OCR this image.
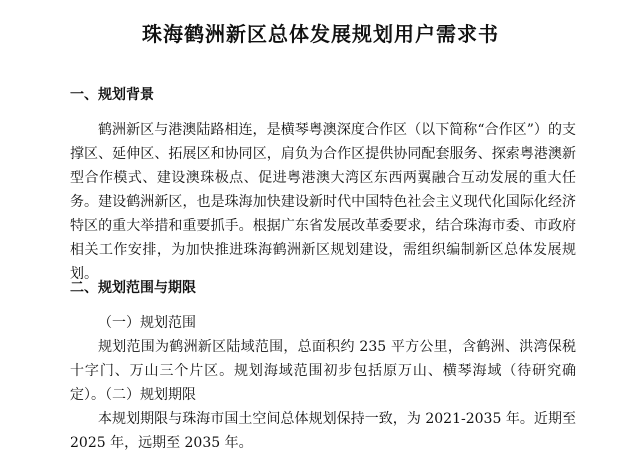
珠海鹤洲新区总体发展规划用户需求书
一、规划背景

鹤洲新区与港澳陆路相连，是横琴粤澳深度合作区（以下简称“合作区”）的支撑区、延伸区、拓展区和协同区，肩负为合作区提供协同配套服务、探索粤港澳新型合作模式、建设澳珠极点、促进粤港澳大湾区东西两翼融合互动发展的重大任务。建设鹤洲新区，也是珠海加快建设新时代中国特色社会主义现代化国际化经济特区的重大举措和重要抓手。根据广东省发展改革委要求，结合珠海市委、市政府相关工作安排，为加快推进珠海鹤洲新区规划建设，需组织编制新区总体发展规划。

二、规划范围与期限

（一）规划范围

规划范围为鹤洲新区陆域范围，总面积约 235 平方公里，含鹤洲、洪湾保税十字门、万山三个片区。规划海域范围初步包括原万山、横琴海域（待研究确定）。

（二）规划期限

本规划期限与珠海市国土空间总体规划保持一致，为 2021-2035 年。近期至 2025 年，远期至 2035 年。
